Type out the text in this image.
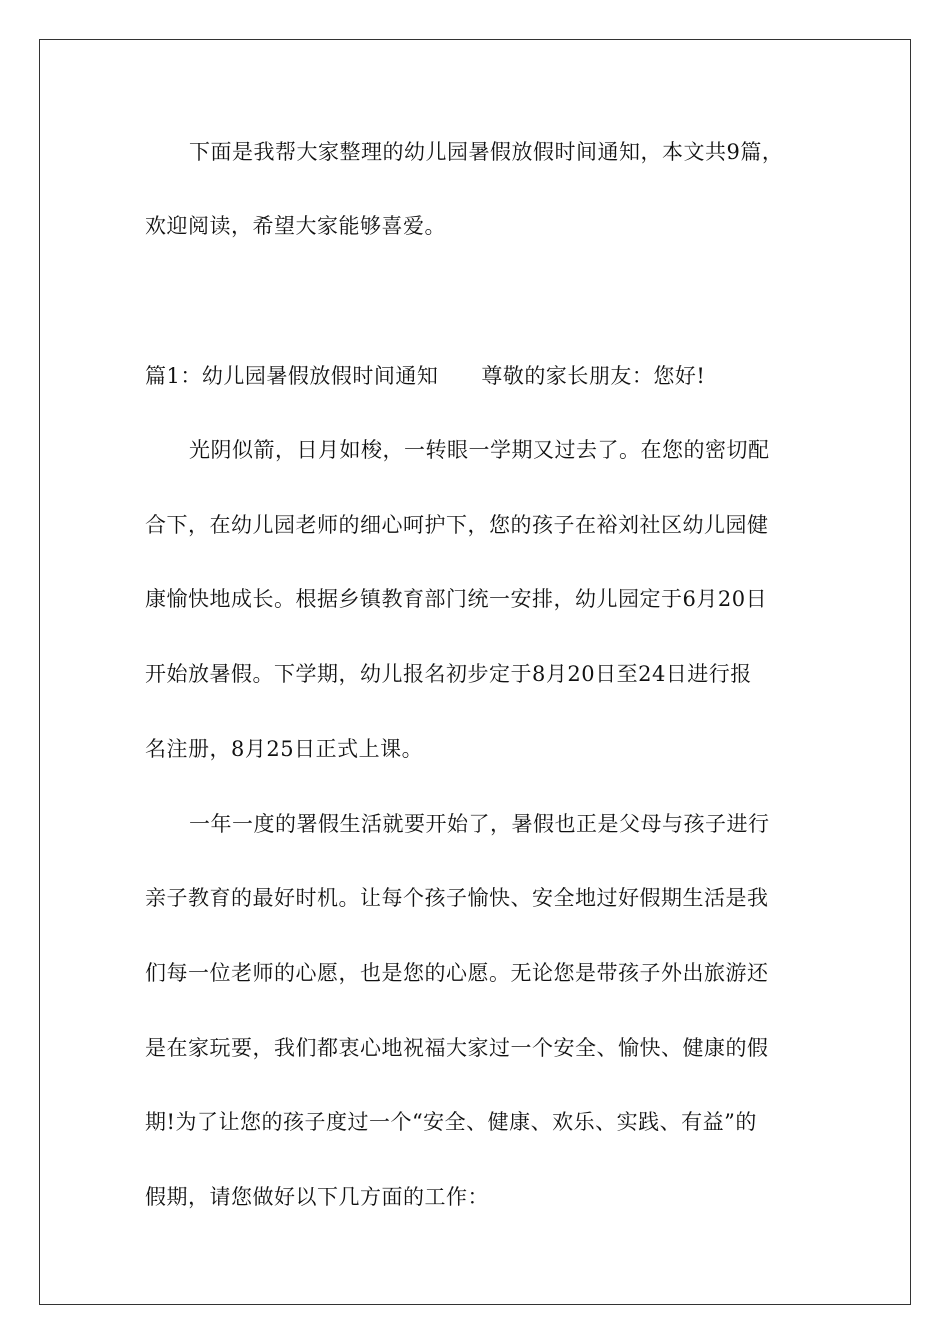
下面是我帮大家整理的幼儿园暑假放假时间通知，本文共9篇，
欢迎阅读，希望大家能够喜爱。
篇1：幼儿园暑假放假时间通知　　尊敬的家长朋友：您好!
光阴似箭，日月如梭，一转眼一学期又过去了。在您的密切配
合下，在幼儿园老师的细心呵护下，您的孩子在裕刘社区幼儿园健
康愉快地成长。根据乡镇教育部门统一安排，幼儿园定于6月20日
开始放暑假。下学期，幼儿报名初步定于8月20日至24日进行报
名注册，8月25日正式上课。
一年一度的署假生活就要开始了，暑假也正是父母与孩子进行
亲子教育的最好时机。让每个孩子愉快、安全地过好假期生活是我
们每一位老师的心愿，也是您的心愿。无论您是带孩子外出旅游还
是在家玩要，我们都衷心地祝福大家过一个安全、愉快、健康的假
期!为了让您的孩子度过一个“安全、健康、欢乐、实践、有益”的
假期，请您做好以下几方面的工作：
